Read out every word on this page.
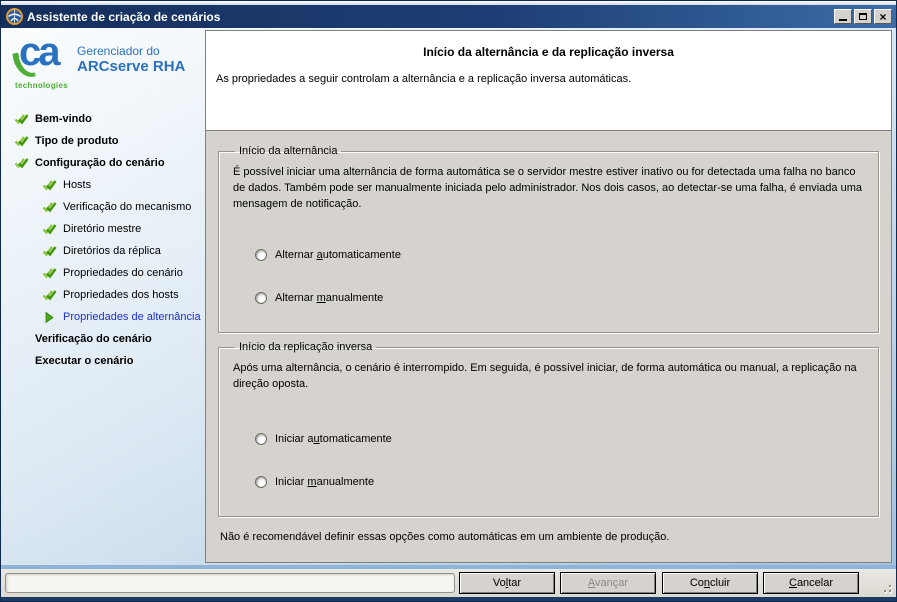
Assistente de criação de cenários	×
ca
technologies
Gerenciador do
ARCserve RHA
Bem-vindo
Tipo de produto
Configuração do cenário
Hosts
Verificação do mecanismo
Diretório mestre
Diretórios da réplica
Propriedades do cenário
Propriedades dos hosts
Propriedades de alternância
Verificação do cenário
Executar o cenário
Início da alternância e da replicação inversa
As propriedades a seguir controlam a alternância e a replicação inversa automáticas.
Início da alternância
É possível iniciar uma alternância de forma automática se o servidor mestre estiver inativo ou for detectada uma falha no banco de dados. Também pode ser manualmente iniciada pelo administrador. Nos dois casos, ao detectar-se uma falha, é enviada uma mensagem de notificação.
Alternar automaticamente
Alternar manualmente
Início da replicação inversa
Após uma alternância, o cenário é interrompido. Em seguida, é possível iniciar, de forma automática ou manual, a replicação na direção oposta.
Iniciar automaticamente
Iniciar manualmente
Não é recomendável definir essas opções como automáticas em um ambiente de produção.
Voltar	Avançar	Concluir	Cancelar
